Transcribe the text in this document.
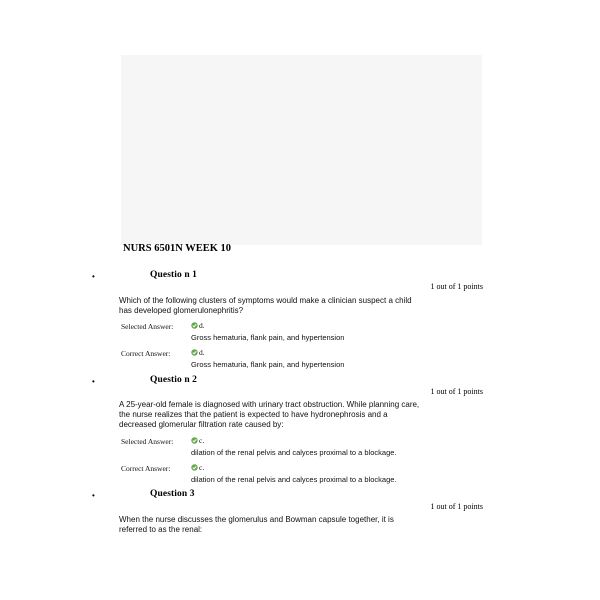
NURS 6501N WEEK 10
•	Questio n 1
1 out of 1 points
Which of the following clusters of symptoms would make a clinician suspect a child
has developed glomerulonephritis?
Selected Answer:	d.
Gross hematuria, flank pain, and hypertension
Correct Answer:	d.
Gross hematuria, flank pain, and hypertension
•	Questio n 2
1 out of 1 points
A 25-year-old female is diagnosed with urinary tract obstruction. While planning care,
the nurse realizes that the patient is expected to have hydronephrosis and a
decreased glomerular filtration rate caused by:
Selected Answer:	c.
dilation of the renal pelvis and calyces proximal to a blockage.
Correct Answer:	c.
dilation of the renal pelvis and calyces proximal to a blockage.
•	Question 3
1 out of 1 points
When the nurse discusses the glomerulus and Bowman capsule together, it is
referred to as the renal:
